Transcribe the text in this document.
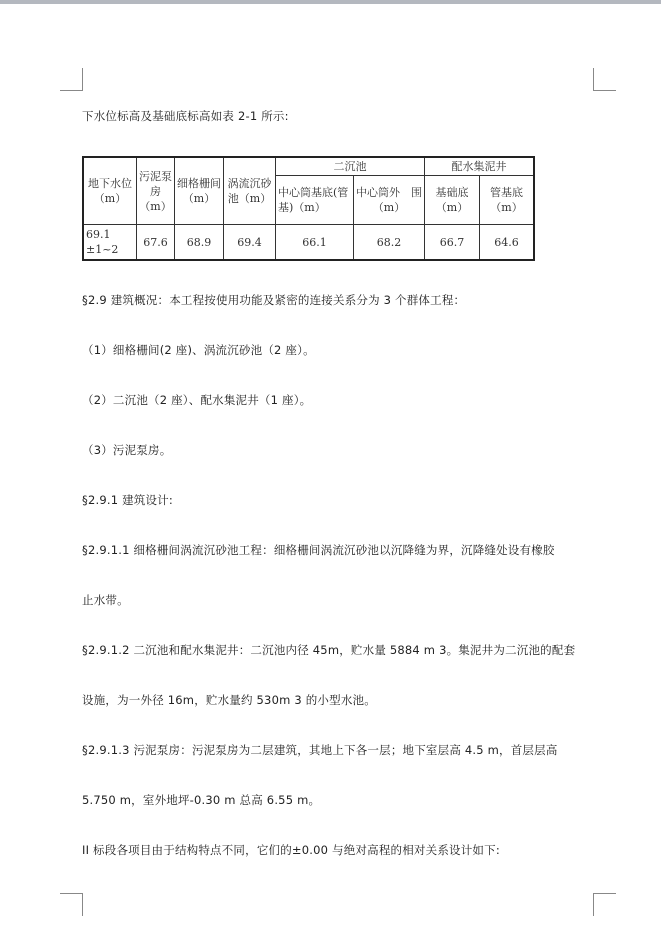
下水位标高及基础底标高如表 2-1 所示:
地下水位（m）	污泥泵房（m）	细格栅间（m）	涡流沉砂池（m）	二沉池		配水集泥井	
				中心筒基底(管基)（m）	中心筒外　围（m）	基础底（m）	管基底（m）
69.1 ±1~2	67.6	68.9	69.4	66.1	68.2	66.7	64.6
§2.9 建筑概况：本工程按使用功能及紧密的连接关系分为 3 个群体工程：
（1）细格栅间(2 座)、涡流沉砂池（2 座）。
（2）二沉池（2 座）、配水集泥井（1 座）。
（3）污泥泵房。
§2.9.1 建筑设计:
§2.9.1.1 细格栅间涡流沉砂池工程：细格栅间涡流沉砂池以沉降缝为界，沉降缝处设有橡胶
止水带。
§2.9.1.2 二沉池和配水集泥井：二沉池内径 45m，贮水量 5884 m 3。集泥井为二沉池的配套
设施，为一外径 16m，贮水量约 530m 3 的小型水池。
§2.9.1.3 污泥泵房：污泥泵房为二层建筑，其地上下各一层；地下室层高 4.5 m，首层层高
5.750 m，室外地坪-0.30 m 总高 6.55 m。
II 标段各项目由于结构特点不同，它们的±0.00 与绝对高程的相对关系设计如下:
